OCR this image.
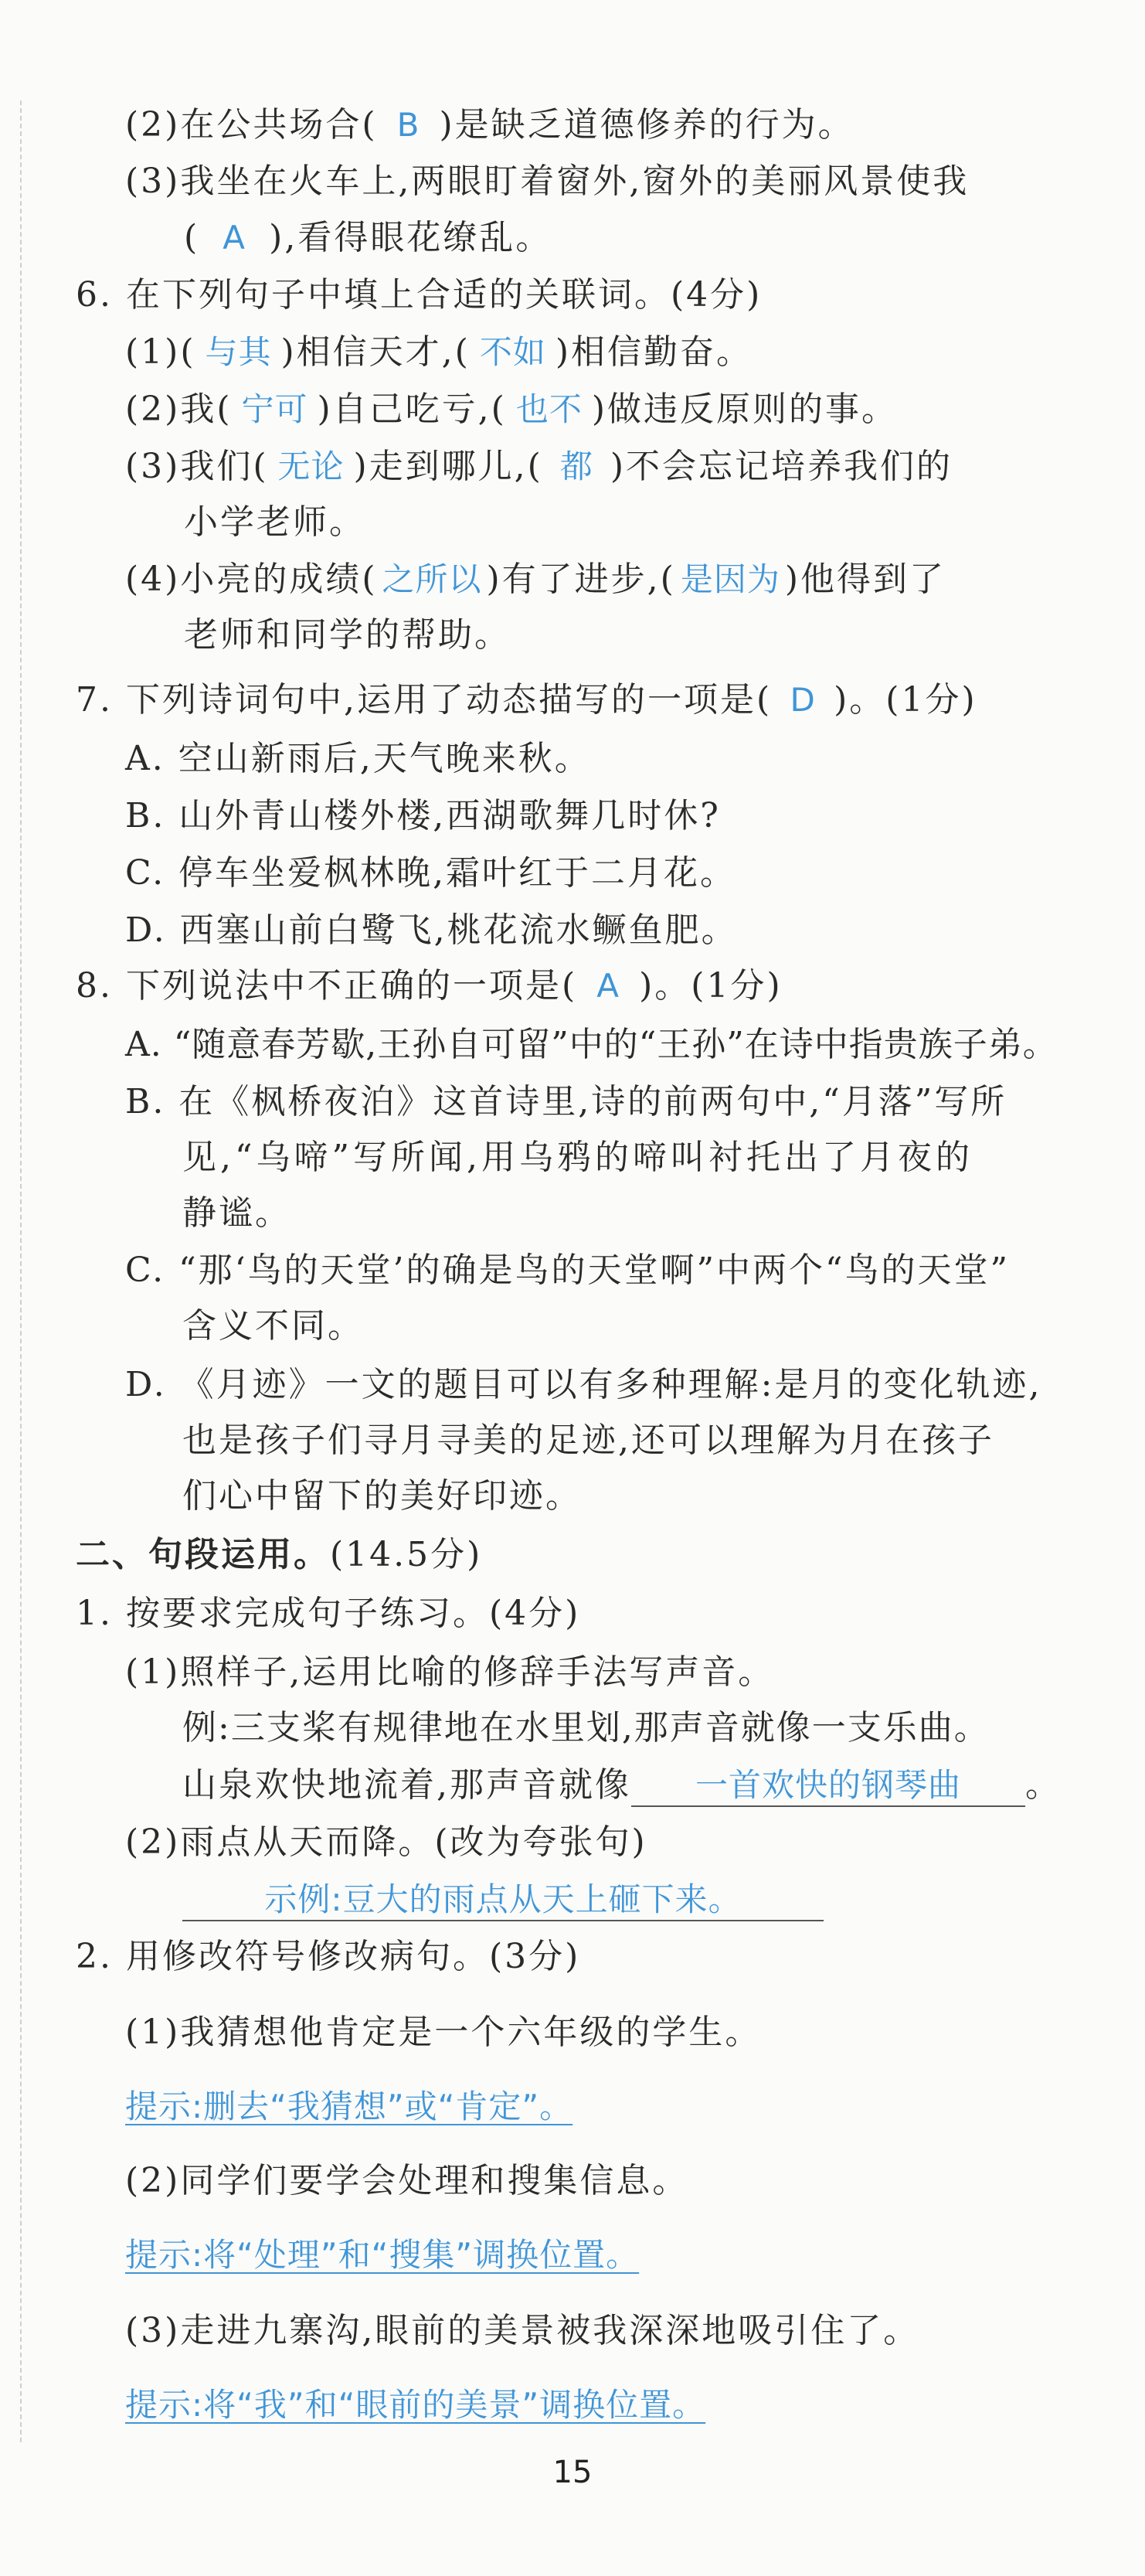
(2)在公共场合( B )是缺乏道德修养的行为。
(3)我坐在火车上,两眼盯着窗外,窗外的美丽风景使我
( A ),看得眼花缭乱。
6. 在下列句子中填上合适的关联词。(4分)
(1)( 与其 )相信天才,( 不如 )相信勤奋。
(2)我( 宁可 )自己吃亏,( 也不 )做违反原则的事。
(3)我们( 无论 )走到哪儿,( 都 )不会忘记培养我们的
小学老师。
(4)小亮的成绩( 之所以 )有了进步,( 是因为 )他得到了
老师和同学的帮助。
7. 下列诗词句中,运用了动态描写的一项是( D )。(1分)
A. 空山新雨后,天气晚来秋。
B. 山外青山楼外楼,西湖歌舞几时休?
C. 停车坐爱枫林晚,霜叶红于二月花。
D. 西塞山前白鹭飞,桃花流水鳜鱼肥。
8. 下列说法中不正确的一项是( A )。(1分)
A. “随意春芳歇,王孙自可留”中的“王孙”在诗中指贵族子弟。
B. 在《枫桥夜泊》这首诗里,诗的前两句中,“月落”写所
见,“乌啼”写所闻,用乌鸦的啼叫衬托出了月夜的
静谧。
C. “那‘鸟的天堂’的确是鸟的天堂啊”中两个“鸟的天堂”
含义不同。
D. 《月迹》一文的题目可以有多种理解:是月的变化轨迹,
也是孩子们寻月寻美的足迹,还可以理解为月在孩子
们心中留下的美好印迹。
二、句段运用。(14.5分)
1. 按要求完成句子练习。(4分)
(1)照样子,运用比喻的修辞手法写声音。
例:三支桨有规律地在水里划,那声音就像一支乐曲。
山泉欢快地流着,那声音就像 一首欢快的钢琴曲 。
(2)雨点从天而降。(改为夸张句)
示例:豆大的雨点从天上砸下来。
2. 用修改符号修改病句。(3分)
(1)我猜想他肯定是一个六年级的学生。
提示:删去“我猜想”或“肯定”。
(2)同学们要学会处理和搜集信息。
提示:将“处理”和“搜集”调换位置。
(3)走进九寨沟,眼前的美景被我深深地吸引住了。
提示:将“我”和“眼前的美景”调换位置。
15
